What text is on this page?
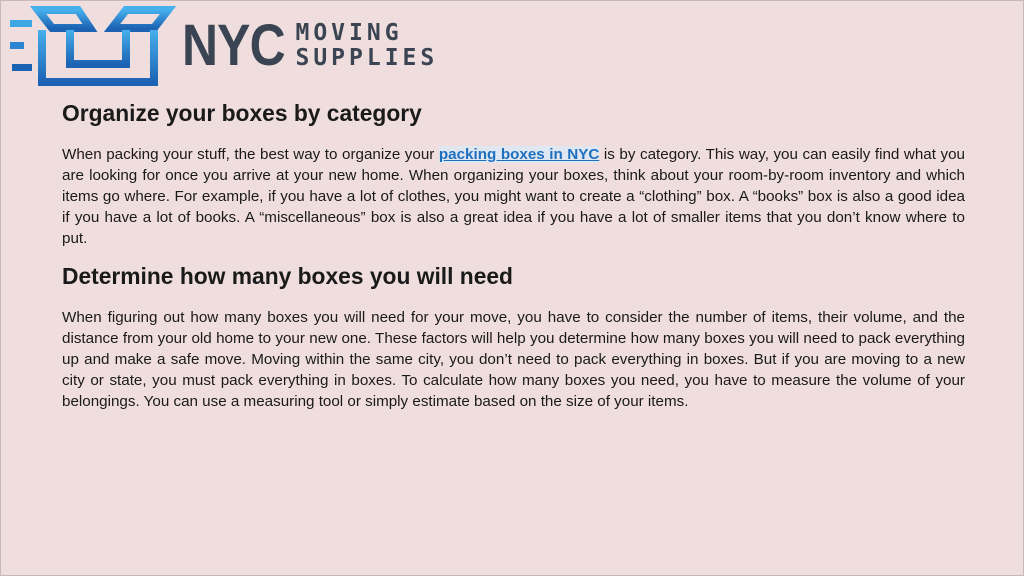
NYC MOVING
SUPPLIES
Organize your boxes by category

When packing your stuff, the best way to organize your packing boxes in NYC is by category. This way, you can easily find what you are looking for once you arrive at your new home. When organizing your boxes, think about your room-by-room inventory and which items go where. For example, if you have a lot of clothes, you might want to create a “clothing” box. A “books” box is also a good idea if you have a lot of books. A “miscellaneous” box is also a great idea if you have a lot of smaller items that you don’t know where to put.

Determine how many boxes you will need

When figuring out how many boxes you will need for your move, you have to consider the number of items, their volume, and the distance from your old home to your new one. These factors will help you determine how many boxes you will need to pack everything up and make a safe move. Moving within the same city, you don’t need to pack everything in boxes. But if you are moving to a new city or state, you must pack everything in boxes. To calculate how many boxes you need, you have to measure the volume of your belongings. You can use a measuring tool or simply estimate based on the size of your items.
